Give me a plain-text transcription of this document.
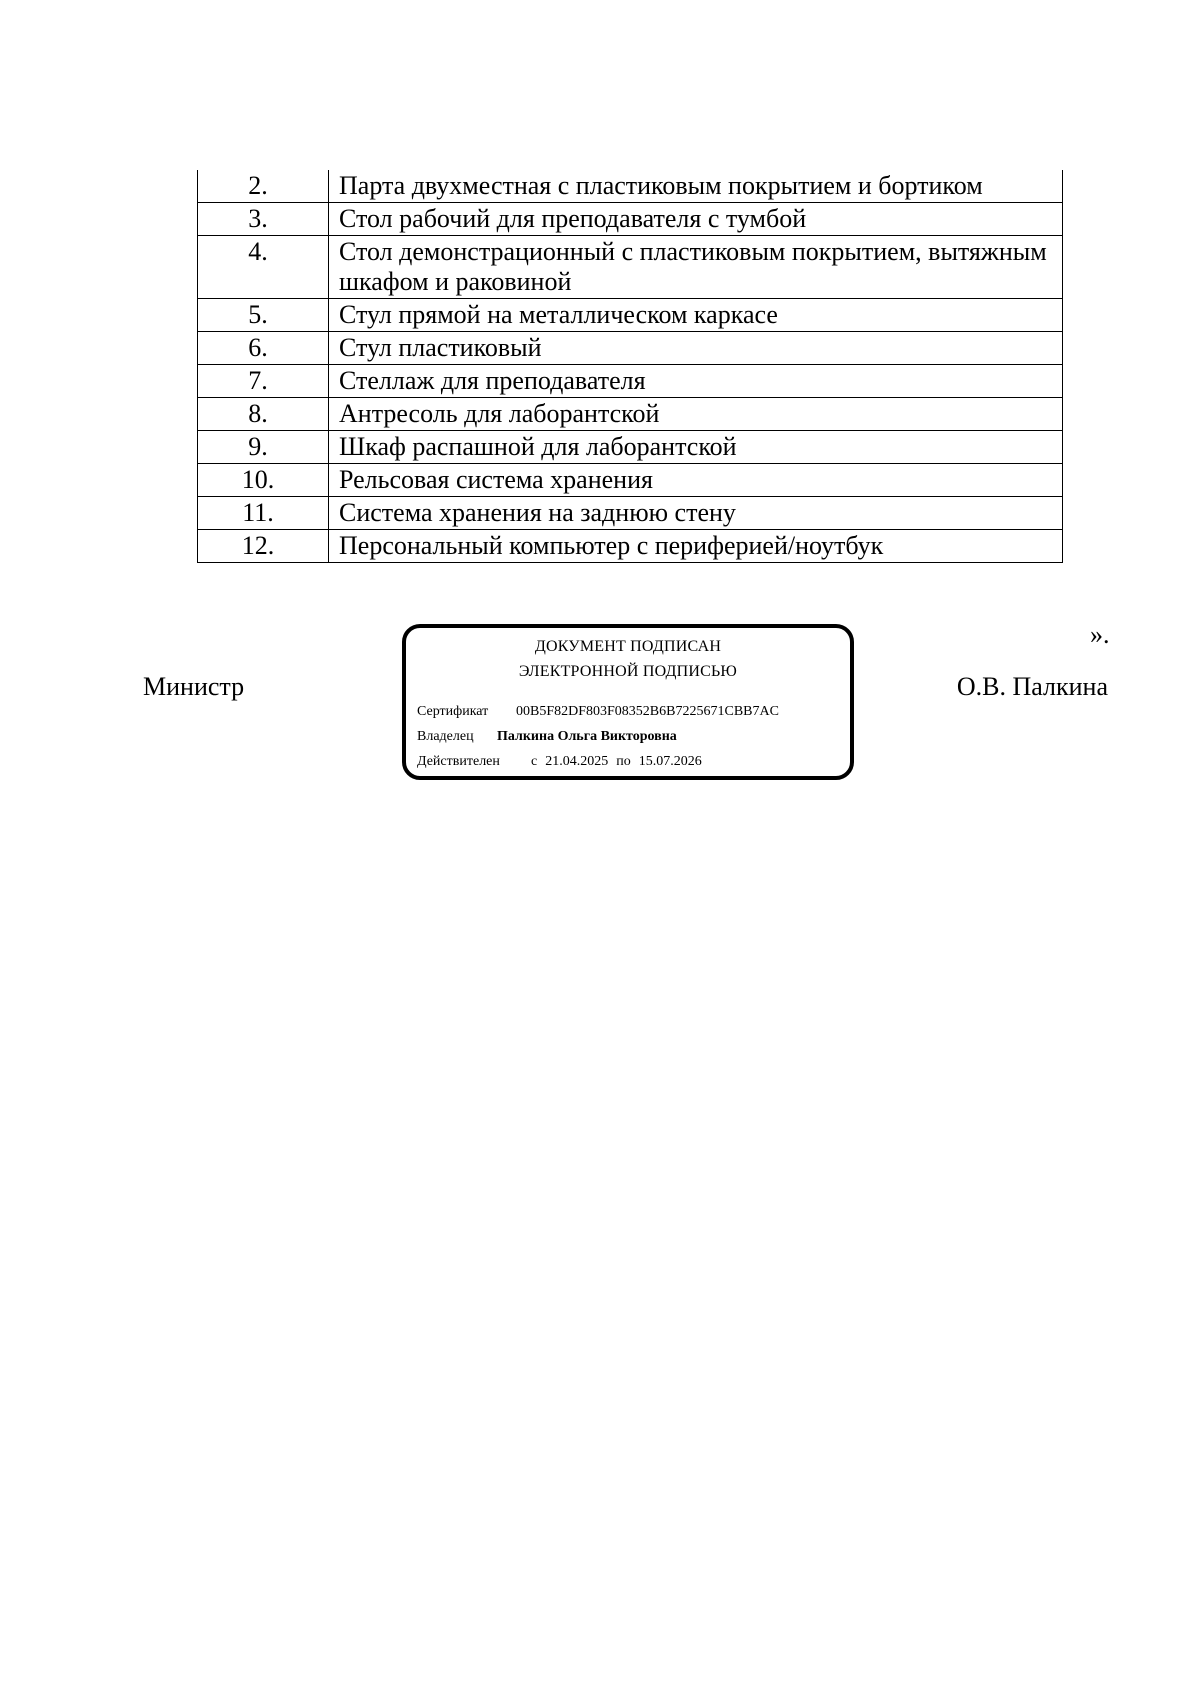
2.	Парта двухместная с пластиковым покрытием и бортиком
3.	Стол рабочий для преподавателя с тумбой
4.	Стол демонстрационный с пластиковым покрытием, вытяжным шкафом и раковиной
5.	Стул прямой на металлическом каркасе
6.	Стул пластиковый
7.	Стеллаж для преподавателя
8.	Антресоль для лаборантской
9.	Шкаф распашной для лаборантской
10.	Рельсовая система хранения
11.	Система хранения на заднюю стену
12.	Персональный компьютер с периферией/ноутбук
».
Министр
ДОКУМЕНТ ПОДПИСАН
ЭЛЕКТРОННОЙ ПОДПИСЬЮ
Сертификат 00B5F82DF803F08352B6B7225671CBB7AC
Владелец Палкина Ольга Викторовна
Действителен с 21.04.2025 по 15.07.2026
О.В. Палкина
